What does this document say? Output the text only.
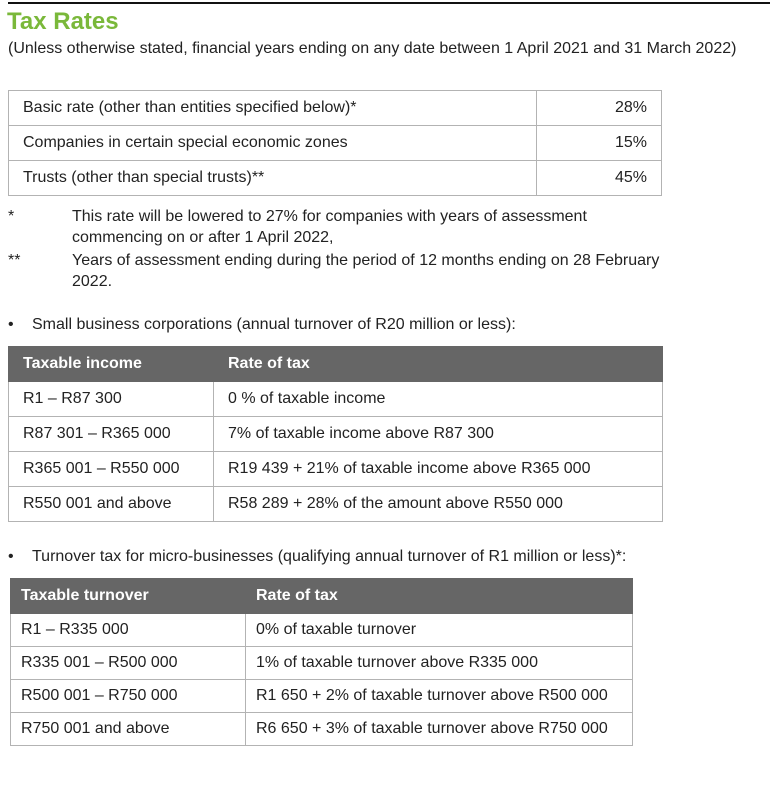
Tax Rates
(Unless otherwise stated, financial years ending on any date between 1 April 2021 and 31 March 2022)
Basic rate (other than entities specified below)*	28%
Companies in certain special economic zones	15%
Trusts (other than special trusts)**	45%
*	This rate will be lowered to 27% for companies with years of assessment commencing on or after 1 April 2022,
**	Years of assessment ending during the period of 12 months ending on 28 February 2022.
• Small business corporations (annual turnover of R20 million or less):
Taxable income	Rate of tax
R1 – R87 300	0 % of taxable income
R87 301 – R365 000	7% of taxable income above R87 300
R365 001 – R550 000	R19 439 + 21% of taxable income above R365 000
R550 001 and above	R58 289 + 28% of the amount above R550 000
• Turnover tax for micro-businesses (qualifying annual turnover of R1 million or less)*:
Taxable turnover	Rate of tax
R1 – R335 000	0% of taxable turnover
R335 001 – R500 000	1% of taxable turnover above R335 000
R500 001 – R750 000	R1 650 + 2% of taxable turnover above R500 000
R750 001 and above	R6 650 + 3% of taxable turnover above R750 000
